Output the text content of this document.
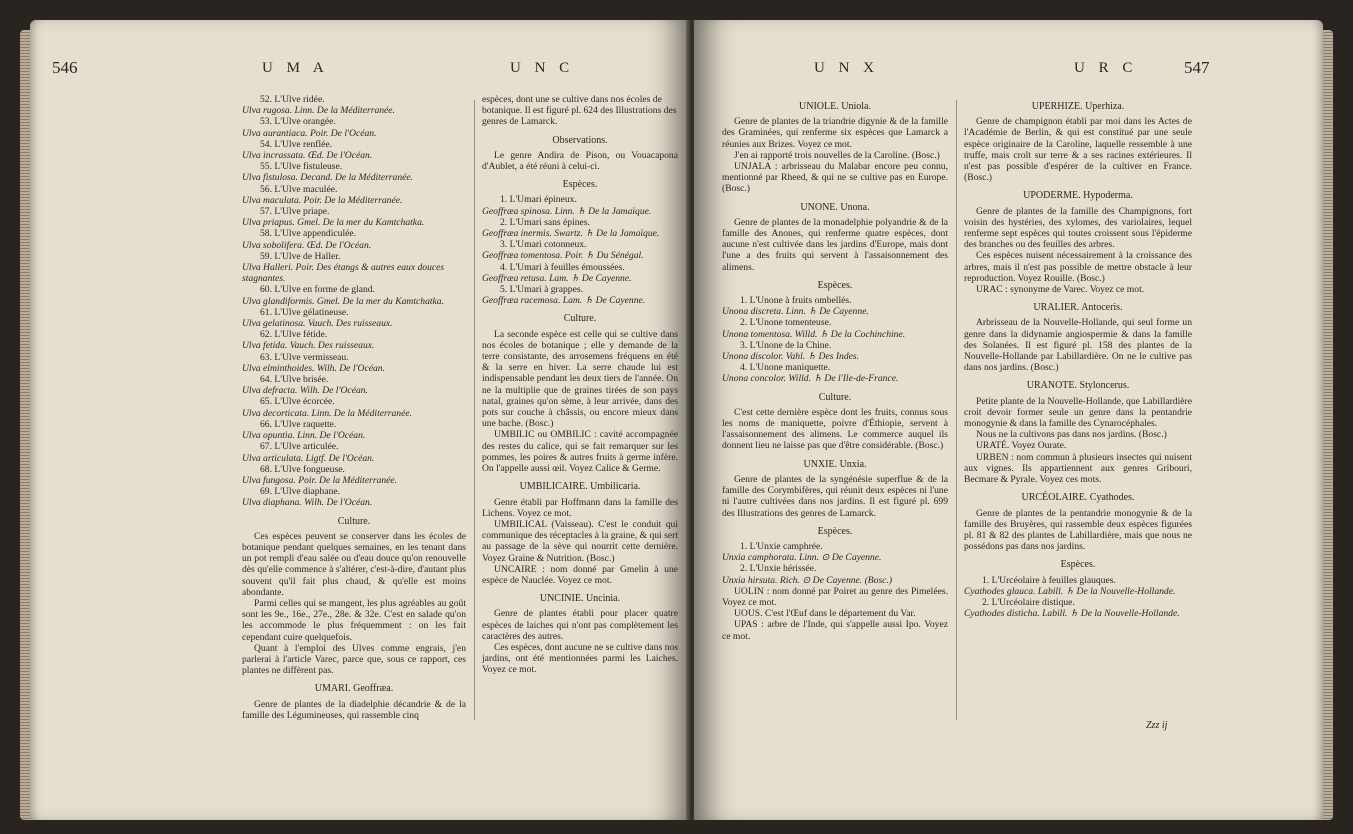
546	U M A	U N C

52. L'Ulve ridée.

Ulva rugosa. Linn. De la Méditerranée.

53. L'Ulve orangée.

Ulva aurantiaca. Poir. De l'Océan.

54. L'Ulve renflée.

Ulva incrassata. Œd. De l'Océan.

55. L'Ulve fistuleuse.

Ulva fistulosa. Decand. De la Méditerranée.

56. L'Ulve maculée.

Ulva maculata. Poir. De la Méditerranée.

57. L'Ulve priape.

Ulva priapus. Gmel. De la mer du Kamtchatka.

58. L'Ulve appendiculée.

Ulva sobolifera. Œd. De l'Océan.

59. L'Ulve de Haller.

Ulva Halleri. Poir. Des étangs & autres eaux douces stagnantes.

60. L'Ulve en forme de gland.

Ulva glandiformis. Gmel. De la mer du Kamtchatka.

61. L'Ulve gélatineuse.

Ulva gelatinosa. Vauch. Des ruisseaux.

62. L'Ulve fétide.

Ulva fetida. Vauch. Des ruisseaux.

63. L'Ulve vermisseau.

Ulva elminthoides. Wilh. De l'Océan.

64. L'Ulve brisée.

Ulva defracta. Wilh. De l'Océan.

65. L'Ulve écorcée.

Ulva decorticata. Linn. De la Méditerranée.

66. L'Ulve raquette.

Ulva opuntia. Linn. De l'Océan.

67. L'Ulve articulée.

Ulva articulata. Ligtf. De l'Océan.

68. L'Ulve fongueuse.

Ulva fungosa. Poir. De la Méditerranée.

69. L'Ulve diaphane.

Ulva diaphana. Wilh. De l'Océan.

Culture.

Ces espèces peuvent se conserver dans les écoles de botanique pendant quelques semaines, en les tenant dans un pot rempli d'eau salée ou d'eau douce qu'on renouvelle dès qu'elle commence à s'altérer, c'est-à-dire, d'autant plus souvent qu'il fait plus chaud, & qu'elle est moins abondante.

Parmi celles qui se mangent, les plus agréables au goût sont les 9e., 16e., 27e., 28e. & 32e. C'est en salade qu'on les accommode le plus fréquemment : on les fait cependant cuire quelquefois.

Quant à l'emploi des Ulves comme engrais, j'en parlerai à l'article Varec, parce que, sous ce rapport, ces plantes ne diffèrent pas.

UMARI. Geoffræa.

Genre de plantes de la diadelphie décandrie & de la famille des Légumineuses, qui rassemble cinq

espèces, dont une se cultive dans nos écoles de botanique. Il est figuré pl. 624 des Illustrations des genres de Lamarck.

Observations.

Le genre Andira de Pison, ou Vouacapona d'Aublet, a été réuni à celui-ci.

Espèces.

1. L'Umari épineux.

Geoffræa spinosa. Linn. ♄ De la Jamaïque.

2. L'Umari sans épines.

Geoffræa inermis. Swartz. ♄ De la Jamaïque.

3. L'Umari cotonneux.

Geoffræa tomentosa. Poir. ♄ Du Sénégal.

4. L'Umari à feuilles émoussées.

Geoffræa retusa. Lam. ♄ De Cayenne.

5. L'Umari à grappes.

Geoffræa racemosa. Lam. ♄ De Cayenne.

Culture.

La seconde espèce est celle qui se cultive dans nos écoles de botanique ; elle y demande de la terre consistante, des arrosemens fréquens en été & la serre en hiver. La serre chaude lui est indispensable pendant les deux tiers de l'année. On ne la multiplie que de graines tirées de son pays natal, graines qu'on sème, à leur arrivée, dans des pots sur couche à châssis, ou encore mieux dans une bache. (Bosc.)

UMBILIC ou OMBILIC : cavité accompagnée des restes du calice, qui se fait remarquer sur les pommes, les poires & autres fruits à germe infère. On l'appelle aussi œil. Voyez Calice & Germe.

UMBILICAIRE. Umbilicaria.

Genre établi par Hoffmann dans la famille des Lichens. Voyez ce mot.

UMBILICAL (Vaisseau). C'est le conduit qui communique des réceptacles à la graine, & qui sert au passage de la sève qui nourrit cette dernière. Voyez Graine & Nutrition. (Bosc.)

UNCAIRE : nom donné par Gmelin à une espèce de Nauclée. Voyez ce mot.

UNCINIE. Uncinia.

Genre de plantes établi pour placer quatre espèces de laiches qui n'ont pas complètement les caractères des autres.

Ces espèces, dont aucune ne se cultive dans nos jardins, ont été mentionnées parmi les Laiches. Voyez ce mot.

U N X	U R C	547

UNIOLE. Uniola.

Genre de plantes de la triandrie digynie & de la famille des Graminées, qui renferme six espèces que Lamarck a réunies aux Brizes. Voyez ce mot.

J'en ai rapporté trois nouvelles de la Caroline. (Bosc.)

UNJALA : arbrisseau du Malabar encore peu connu, mentionné par Rheed, & qui ne se cultive pas en Europe. (Bosc.)

UNONE. Unona.

Genre de plantes de la monadelphie polyandrie & de la famille des Anones, qui renferme quatre espèces, dont aucune n'est cultivée dans les jardins d'Europe, mais dont l'une a des fruits qui servent à l'assaisonnement des alimens.

Espèces.

1. L'Unone à fruits ombellés.

Unona discreta. Linn. ♄ De Cayenne.

2. L'Unone tomenteuse.

Unona tomentosa. Willd. ♄ De la Cochinchine.

3. L'Unone de la Chine.

Unona discolor. Vahl. ♄ Des Indes.

4. L'Unone maniquette.

Unona concolor. Willd. ♄ De l'Ile-de-France.

Culture.

C'est cette dernière espèce dont les fruits, connus sous les noms de maniquette, poivre d'Éthiopie, servent à l'assaisonnement des alimens. Le commerce auquel ils donnent lieu ne laisse pas que d'être considérable. (Bosc.)

UNXIE. Unxia.

Genre de plantes de la syngénésie superflue & de la famille des Corymbifères, qui réunit deux espèces ni l'une ni l'autre cultivées dans nos jardins. Il est figuré pl. 699 des Illustrations des genres de Lamarck.

Espèces.

1. L'Unxie camphrée.

Unxia camphorata. Linn. ⊙ De Cayenne.

2. L'Unxie hérissée.

Unxia hirsuta. Rich. ⊙ De Cayenne. (Bosc.)

UOLIN : nom donné par Poiret au genre des Pimelées. Voyez ce mot.

UOUS. C'est l'Œuf dans le département du Var.

UPAS : arbre de l'Inde, qui s'appelle aussi Ipo. Voyez ce mot.

UPERHIZE. Uperhiza.

Genre de champignon établi par moi dans les Actes de l'Académie de Berlin, & qui est constitué par une seule espèce originaire de la Caroline, laquelle ressemble à une truffe, mais croît sur terre & a ses racines extérieures. Il n'est pas possible d'espérer de la cultiver en France. (Bosc.)

UPODERME. Hypoderma.

Genre de plantes de la famille des Champignons, fort voisin des hystéries, des xylomes, des variolaires, lequel renferme sept espèces qui toutes croissent sous l'épiderme des branches ou des feuilles des arbres.

Ces espèces nuisent nécessairement à la croissance des arbres, mais il n'est pas possible de mettre obstacle à leur reproduction. Voyez Rouille. (Bosc.)

URAC : synonyme de Varec. Voyez ce mot.

URALIER. Antoceris.

Arbrisseau de la Nouvelle-Hollande, qui seul forme un genre dans la didynamie angiospermie & dans la famille des Solanées. Il est figuré pl. 158 des plantes de la Nouvelle-Hollande par Labillardière. On ne le cultive pas dans nos jardins. (Bosc.)

URANOTE. Styloncerus.

Petite plante de la Nouvelle-Hollande, que Labillardière croit devoir former seule un genre dans la pentandrie monogynie & dans la famille des Cynarocéphales.

Nous ne la cultivons pas dans nos jardins. (Bosc.)

URATÉ. Voyez Ourate.

URBEN : nom commun à plusieurs insectes qui nuisent aux vignes. Ils appartiennent aux genres Gribouri, Becmare & Pyrale. Voyez ces mots.

URCÉOLAIRE. Cyathodes.

Genre de plantes de la pentandrie monogynie & de la famille des Bruyères, qui rassemble deux espèces figurées pl. 81 & 82 des plantes de Labillardière, mais que nous ne possédons pas dans nos jardins.

Espèces.

1. L'Urcéolaire à feuilles glauques.

Cyathodes glauca. Labill. ♄ De la Nouvelle-Hollande.

2. L'Urcéolaire distique.

Cyathodes disticha. Labill. ♄ De la Nouvelle-Hollande.

Zzz ij
